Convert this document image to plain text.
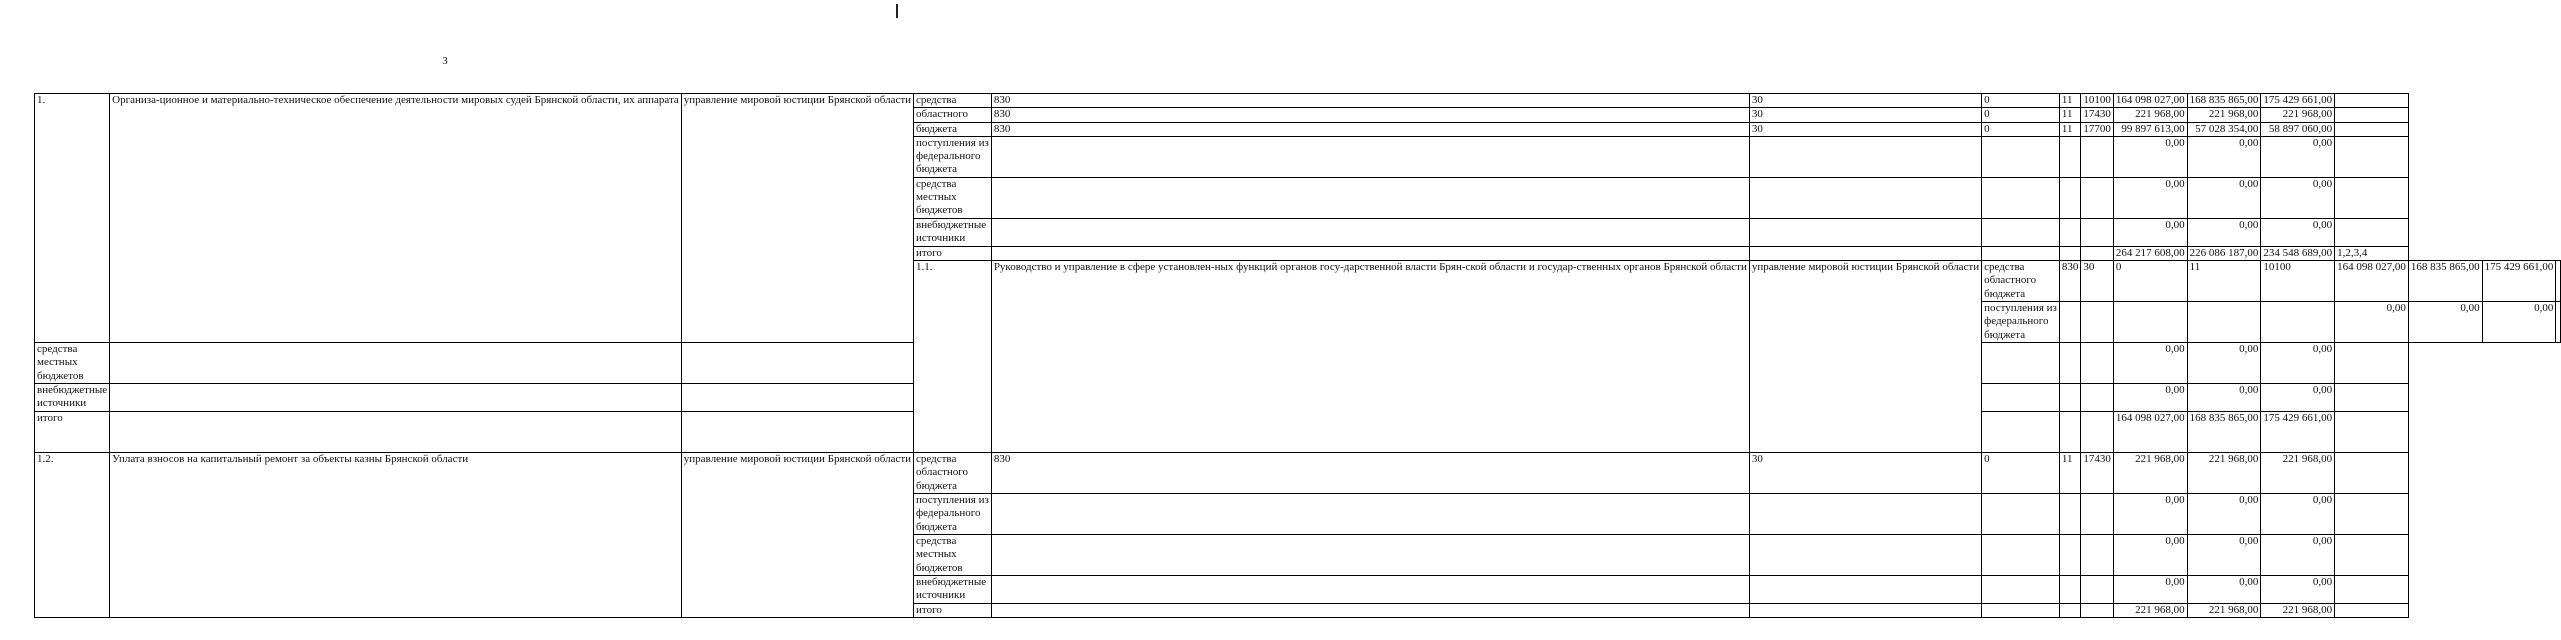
3
1.	Организа-ционное и материально-техническое обеспечение деятельности мировых судей Брянской области, их аппарата	управление мировой юстиции Брянской области	средства	830	30	0	11	10100	164 098 027,00	168 835 865,00	175 429 661,00				
			областного	830	30	0	11	17430	221 968,00	221 968,00	221 968,00				
			бюджета	830	30	0	11	17700	99 897 613,00	57 028 354,00	58 897 060,00				

			поступления из
федерального
бюджета						0,00	0,00	0,00				

			средства
местных
бюджетов						0,00	0,00	0,00				

			внебюджетные
источники						0,00	0,00	0,00				
			итого						264 217 608,00	226 086 187,00	234 548 689,00	1,2,3,4			
			1.1.	Руководство и управление в сфере установлен-ных функций органов госу-дарственной власти Брян-ской области и государ-ственных органов Брянской области	управление мировой юстиции Брянской области	средства
областного
бюджета	830	30	0	11	10100	164 098 027,00	168 835 865,00	175 429 661,00	

						поступления из
федерального
бюджета						0,00	0,00	0,00	

средства
местных
бюджетов									0,00	0,00	0,00				

внебюджетные
источники									0,00	0,00	0,00				
итого									164 098 027,00	168 835 865,00	175 429 661,00				
1.2.	Уплата взносов на капитальный ремонт за объекты казны Брянской области	управление мировой юстиции Брянской области	средства
областного
бюджета	830	30	0	11	17430	221 968,00	221 968,00	221 968,00				

			поступления из
федерального
бюджета						0,00	0,00	0,00				

			средства
местных
бюджетов						0,00	0,00	0,00				

			внебюджетные
источники						0,00	0,00	0,00				
			итого						221 968,00	221 968,00	221 968,00				
